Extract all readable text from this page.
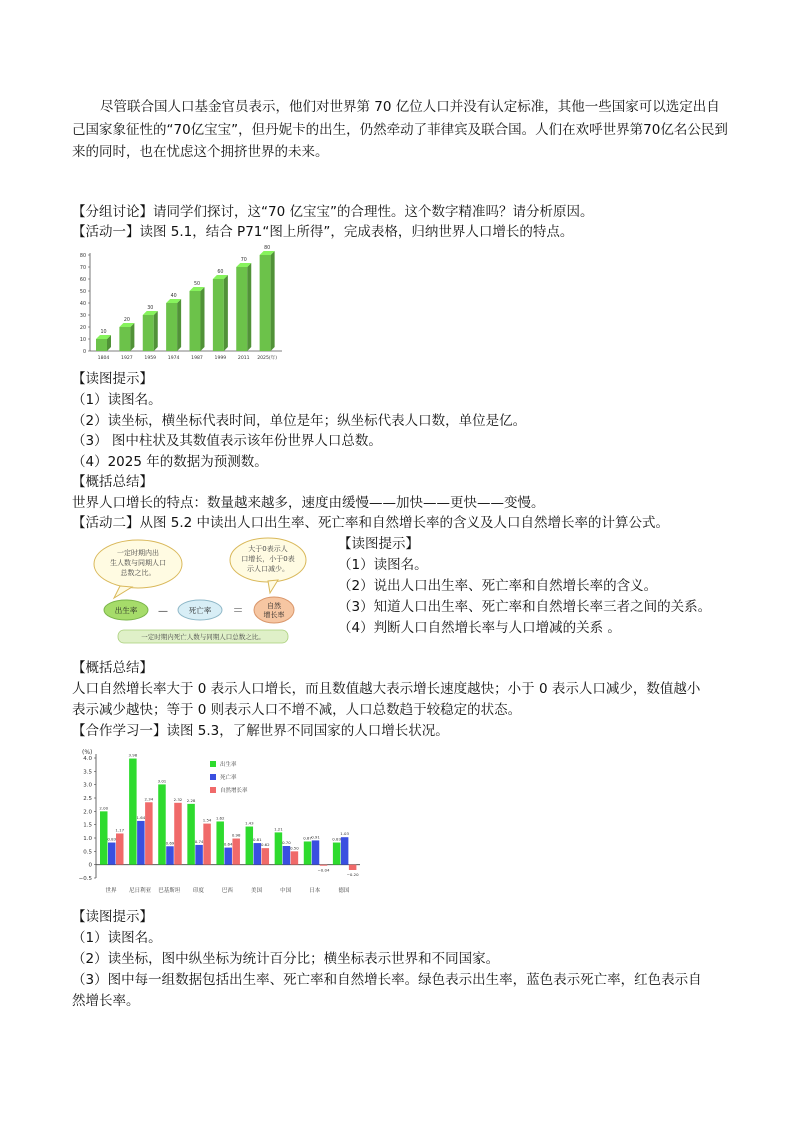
尽管联合国人口基金官员表示，他们对世界第 70 亿位人口并没有认定标准，其他一些国家可以选定出自己国家象征性的“70亿宝宝”，但丹妮卡的出生，仍然牵动了菲律宾及联合国。人们在欢呼世界第70亿名公民到来的同时，也在忧虑这个拥挤世界的未来。
【分组讨论】请同学们探讨，这“70 亿宝宝”的合理性。这个数字精准吗？请分析原因。
【活动一】读图 5.1，结合 P71“图上所得”，完成表格，归纳世界人口增长的特点。
0
10
20
30
40
50
60
70
80
10
1804
20
1927
30
1959
40
1974
50
1987
60
1999
70
2011
80
2025(年)
【读图提示】
（1）读图名。
（2）读坐标，横坐标代表时间，单位是年；纵坐标代表人口数，单位是亿。
（3） 图中柱状及其数值表示该年份世界人口总数。
（4）2025 年的数据为预测数。
【概括总结】
世界人口增长的特点：数量越来越多，速度由缓慢——加快——更快——变慢。
【活动二】从图 5.2 中读出人口出生率、死亡率和自然增长率的含义及人口自然增长率的计算公式。
一定时期内出
生人数与同期人口
总数之比。
大于0表示人
口增长，小于0表
示人口减少。
出生率 —	死亡率 ＝	自然
增长率
一定时期内死亡人数与同期人口总数之比。
【读图提示】
（1）读图名。
（2）说出人口出生率、死亡率和自然增长率的含义。
（3）知道人口出生率、死亡率和自然增长率三者之间的关系。
（4）判断人口自然增长率与人口增减的关系 。
【概括总结】
人口自然增长率大于 0 表示人口增长，而且数值越大表示增长速度越快；小于 0 表示人口减少，数值越小
表示减少越快；等于 0 则表示人口不增不减，人口总数趋于较稳定的状态。
【合作学习一】读图 5.3，了解世界不同国家的人口增长状况。
(%)
−0.5
0
0.5
1.0
1.5
2.0
2.5
3.0
3.5
4.0
2.00
0.83
1.17
世界
3.98
1.64
2.34
尼日利亚
3.01
0.69
2.32
巴基斯坦
2.28
0.74
1.54
印度
1.62
0.64
0.98
巴西
1.43
0.81
0.62
美国
1.21
0.70
0.50
中国
0.87 0.91
−0.04
日本
0.83
1.03
−0.20
德国
出生率
死亡率
自然增长率
【读图提示】
（1）读图名。
（2）读坐标，图中纵坐标为统计百分比；横坐标表示世界和不同国家。
（3）图中每一组数据包括出生率、死亡率和自然增长率。绿色表示出生率，蓝色表示死亡率，红色表示自
然增长率。
